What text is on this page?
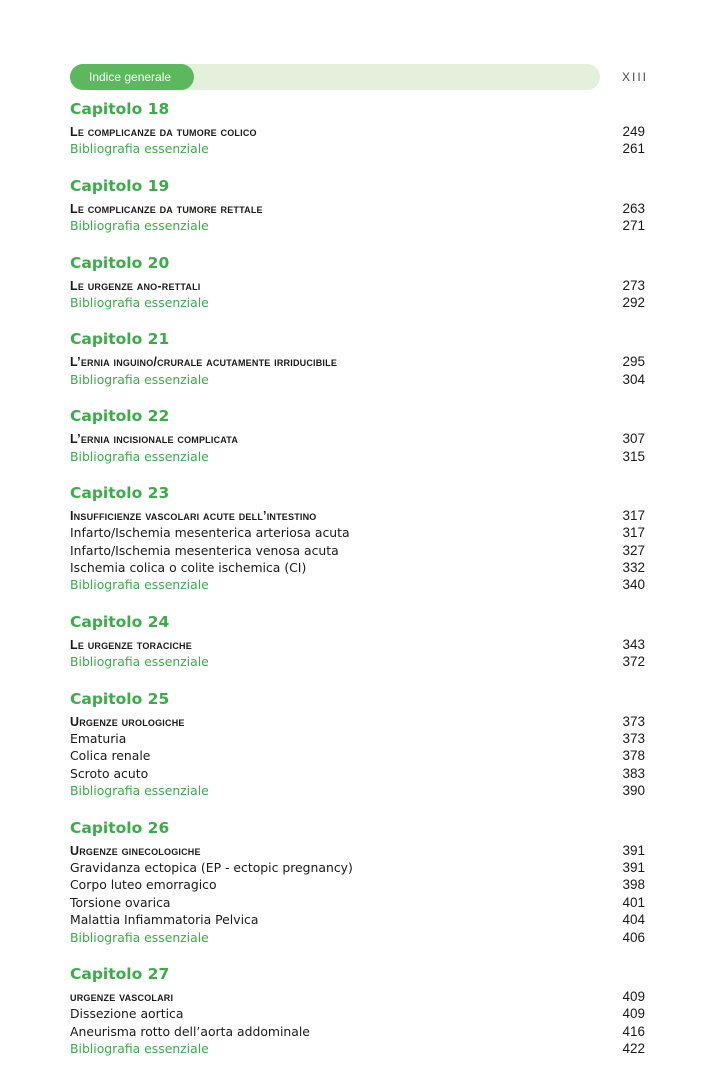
Indice generale	XIII
Capitolo 18
Le complicanze da tumore colico	249
Bibliografia essenziale	261
Capitolo 19
Le complicanze da tumore rettale	263
Bibliografia essenziale	271
Capitolo 20
Le urgenze ano-rettali	273
Bibliografia essenziale	292
Capitolo 21
L’ernia inguino/crurale acutamente irriducibile	295
Bibliografia essenziale	304
Capitolo 22
L’ernia incisionale complicata	307
Bibliografia essenziale	315
Capitolo 23
Insufficienze vascolari acute dell’intestino	317
Infarto/Ischemia mesenterica arteriosa acuta	317
Infarto/Ischemia mesenterica venosa acuta	327
Ischemia colica o colite ischemica (CI)	332
Bibliografia essenziale	340
Capitolo 24
Le urgenze toraciche	343
Bibliografia essenziale	372
Capitolo 25
Urgenze urologiche	373
Ematuria	373
Colica renale	378
Scroto acuto	383
Bibliografia essenziale	390
Capitolo 26
Urgenze ginecologiche	391
Gravidanza ectopica (EP - ectopic pregnancy)	391
Corpo luteo emorragico	398
Torsione ovarica	401
Malattia Infiammatoria Pelvica	404
Bibliografia essenziale	406
Capitolo 27
urgenze vascolari	409
Dissezione aortica	409
Aneurisma rotto dell’aorta addominale	416
Bibliografia essenziale	422
